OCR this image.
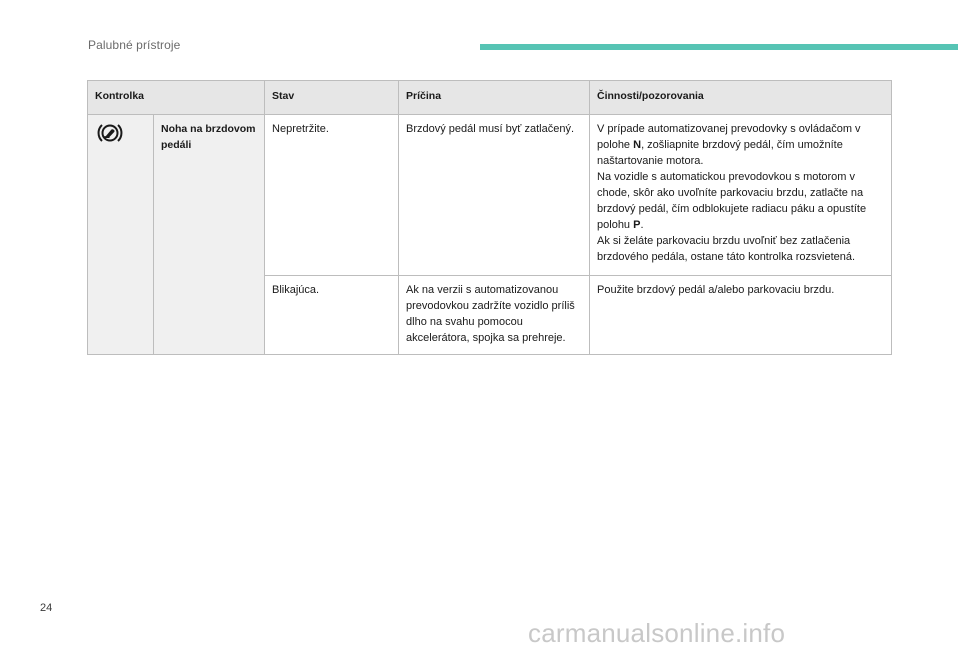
Palubné prístroje
Kontrolka		Stav	Príčina	Činnosti/pozorovania
	Noha na brzdovom pedáli	Nepretržite.	Brzdový pedál musí byť zatlačený.	V prípade automatizovanej prevodovky s ovládačom v polohe N, zošliapnite brzdový pedál, čím umožníte naštartovanie motora.
Na vozidle s automatickou prevodovkou s motorom v chode, skôr ako uvoľníte parkovaciu brzdu, zatlačte na brzdový pedál, čím odblokujete radiacu páku a opustíte polohu P.
Ak si želáte parkovaciu brzdu uvoľniť bez zatlačenia brzdového pedála, ostane táto kontrolka rozsvietená.
		Blikajúca.	Ak na verzii s automatizovanou prevodovkou zadržíte vozidlo príliš dlho na svahu pomocou akcelerátora, spojka sa prehreje.	Použite brzdový pedál a/alebo parkovaciu brzdu.
24
carmanualsonline.info
